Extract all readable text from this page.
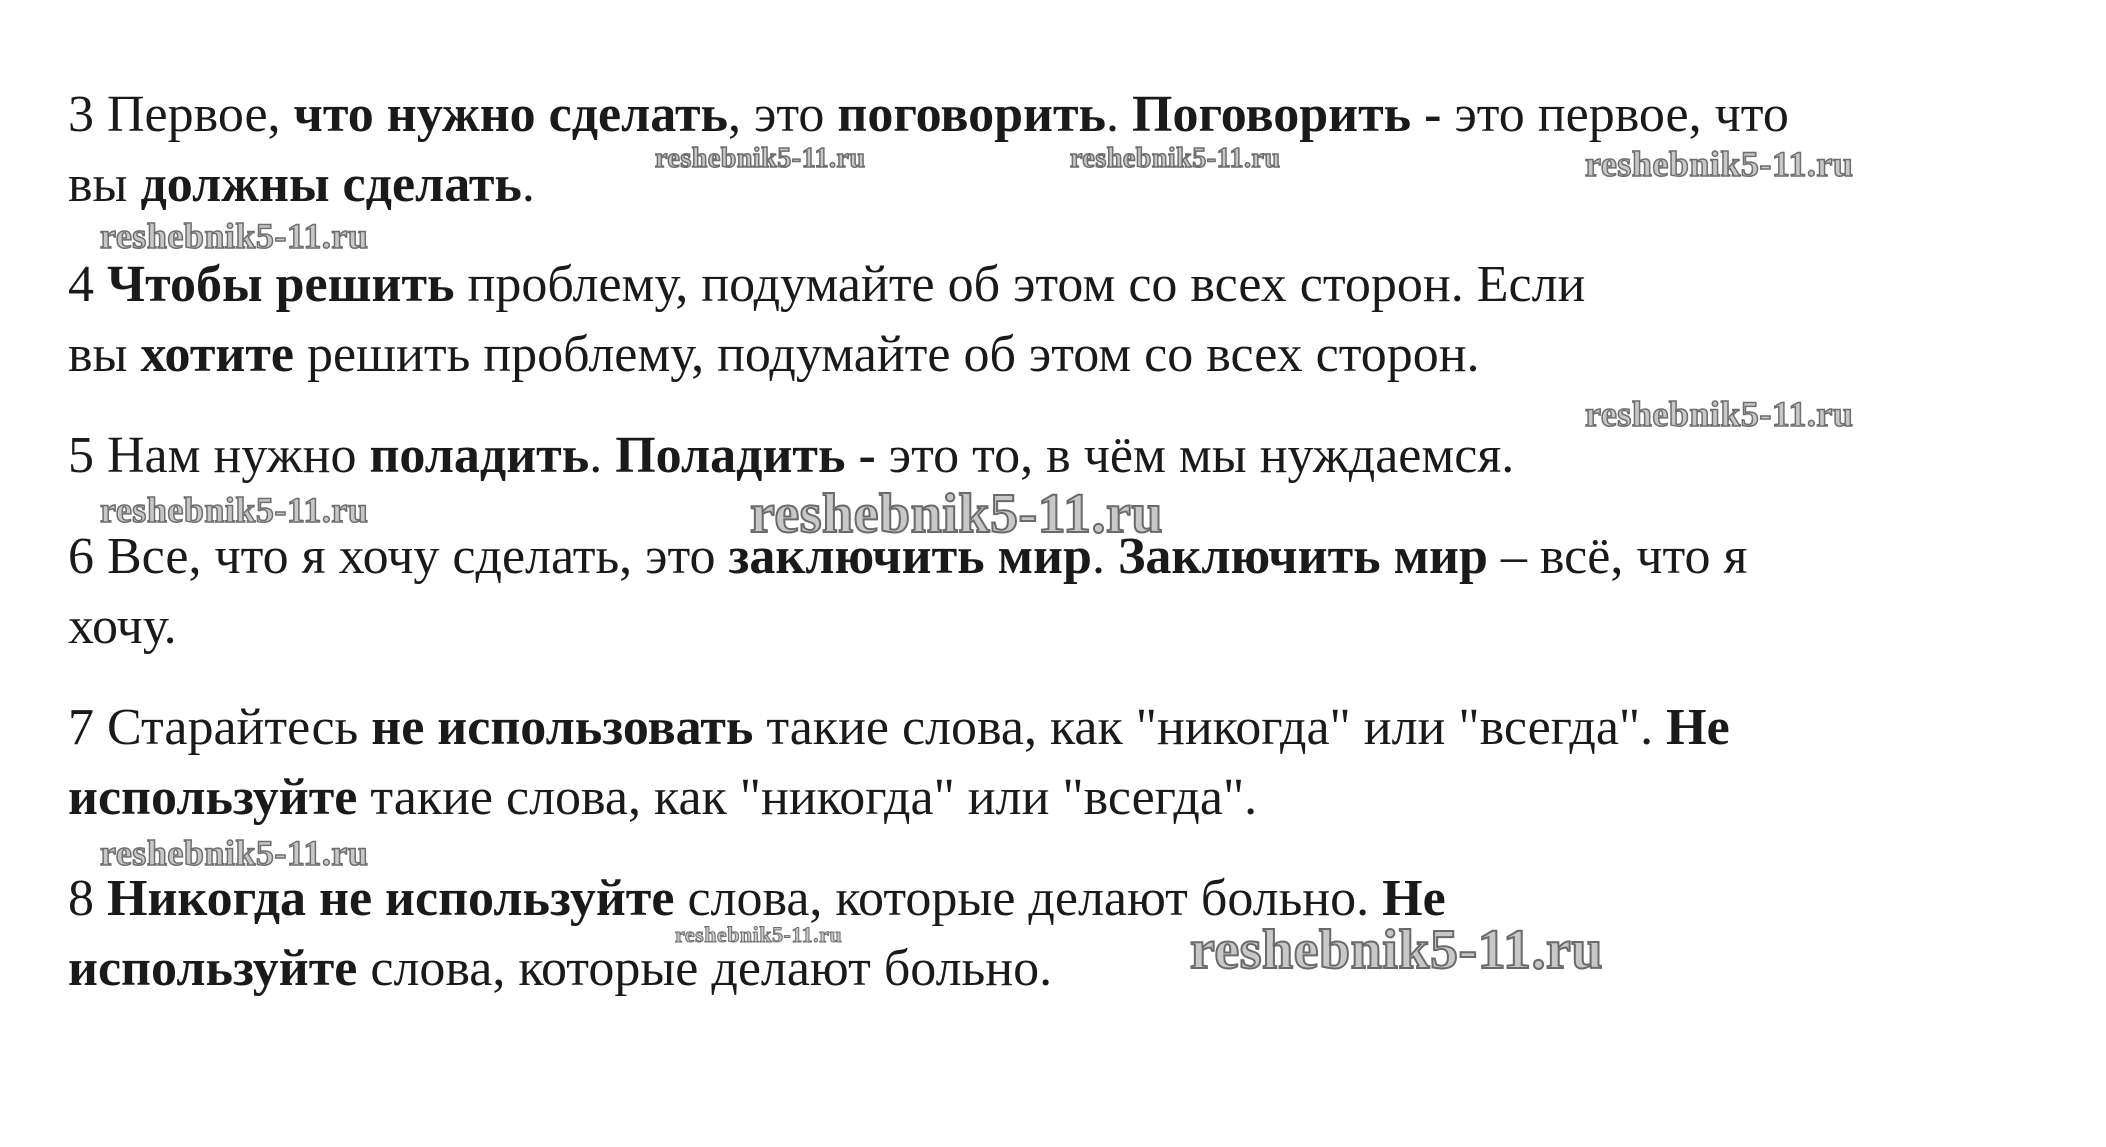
3 Первое, что нужно сделать, это поговорить. Поговорить - это первое, что
вы должны сделать.

4 Чтобы решить проблему, подумайте об этом со всех сторон. Если
вы хотите решить проблему, подумайте об этом со всех сторон.

5 Нам нужно поладить. Поладить - это то, в чём мы нуждаемся.

6 Все, что я хочу сделать, это заключить мир. Заключить мир – всё, что я
хочу.

7 Старайтесь не использовать такие слова, как "никогда" или "всегда". Не
используйте такие слова, как "никогда" или "всегда".

8 Никогда не используйте слова, которые делают больно. Не
используйте слова, которые делают больно.

reshebnik5-11.ru	reshebnik5-11.ru	reshebnik5-11.ru
reshebnik5-11.ru
reshebnik5-11.ru
reshebnik5-11.ru	reshebnik5-11.ru
reshebnik5-11.ru
reshebnik5-11.ru	reshebnik5-11.ru
